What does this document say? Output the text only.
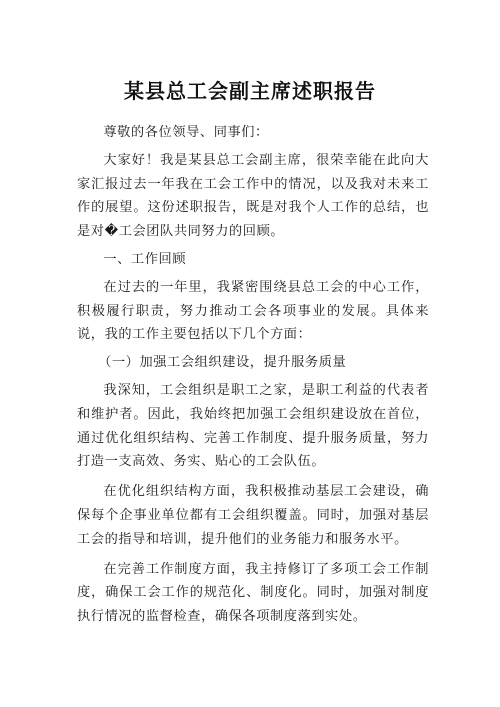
某县总工会副主席述职报告

尊敬的各位领导、同事们：

大家好！我是某县总工会副主席，很荣幸能在此向大家汇报过去一年我在工会工作中的情况，以及我对未来工作的展望。这份述职报告，既是对我个人工作的总结，也是对�工会团队共同努力的回顾。

一、工作回顾

在过去的一年里，我紧密围绕县总工会的中心工作，积极履行职责，努力推动工会各项事业的发展。具体来说，我的工作主要包括以下几个方面：

（一）加强工会组织建设，提升服务质量

我深知，工会组织是职工之家，是职工利益的代表者和维护者。因此，我始终把加强工会组织建设放在首位，通过优化组织结构、完善工作制度、提升服务质量，努力打造一支高效、务实、贴心的工会队伍。

在优化组织结构方面，我积极推动基层工会建设，确保每个企事业单位都有工会组织覆盖。同时，加强对基层工会的指导和培训，提升他们的业务能力和服务水平。

在完善工作制度方面，我主持修订了多项工会工作制度，确保工会工作的规范化、制度化。同时，加强对制度执行情况的监督检查，确保各项制度落到实处。
